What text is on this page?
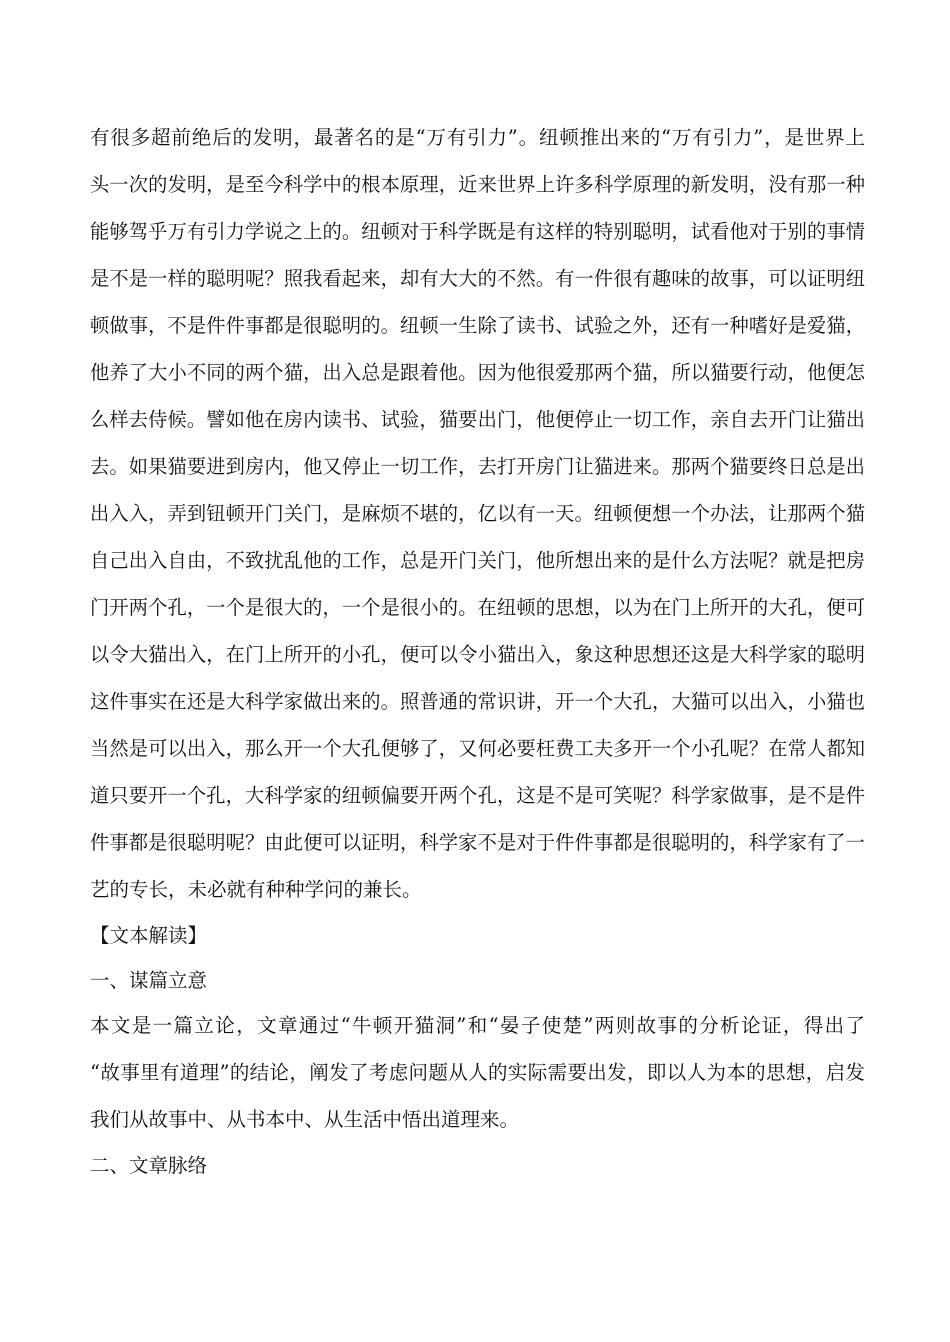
有很多超前绝后的发明，最著名的是“万有引力”。纽顿推出来的“万有引力”，是世界上
头一次的发明，是至今科学中的根本原理，近来世界上许多科学原理的新发明，没有那一种
能够驾乎万有引力学说之上的。纽顿对于科学既是有这样的特别聪明，试看他对于别的事情
是不是一样的聪明呢？照我看起来，却有大大的不然。有一件很有趣味的故事，可以证明纽
顿做事，不是件件事都是很聪明的。纽顿一生除了读书、试验之外，还有一种嗜好是爱猫，
他养了大小不同的两个猫，出入总是跟着他。因为他很爱那两个猫，所以猫要行动，他便怎
么样去侍候。譬如他在房内读书、试验，猫要出门，他便停止一切工作，亲自去开门让猫出
去。如果猫要进到房内，他又停止一切工作，去打开房门让猫进来。那两个猫要终日总是出
出入入，弄到钮顿开门关门，是麻烦不堪的，亿以有一天。纽顿便想一个办法，让那两个猫
自己出入自由，不致扰乱他的工作，总是开门关门，他所想出来的是什么方法呢？就是把房
门开两个孔，一个是很大的，一个是很小的。在纽顿的思想，以为在门上所开的大孔，便可
以令大猫出入，在门上所开的小孔，便可以令小猫出入，象这种思想还这是大科学家的聪明
这件事实在还是大科学家做出来的。照普通的常识讲，开一个大孔，大猫可以出入，小猫也
当然是可以出入，那么开一个大孔便够了，又何必要枉费工夫多开一个小孔呢？在常人都知
道只要开一个孔，大科学家的纽顿偏要开两个孔，这是不是可笑呢？科学家做事，是不是件
件事都是很聪明呢？由此便可以证明，科学家不是对于件件事都是很聪明的，科学家有了一
艺的专长，未必就有种种学问的兼长。
【文本解读】
一、谋篇立意
本文是一篇立论，文章通过“牛顿开猫洞”和“晏子使楚”两则故事的分析论证，得出了
“故事里有道理”的结论，阐发了考虑问题从人的实际需要出发，即以人为本的思想，启发
我们从故事中、从书本中、从生活中悟出道理来。
二、文章脉络
